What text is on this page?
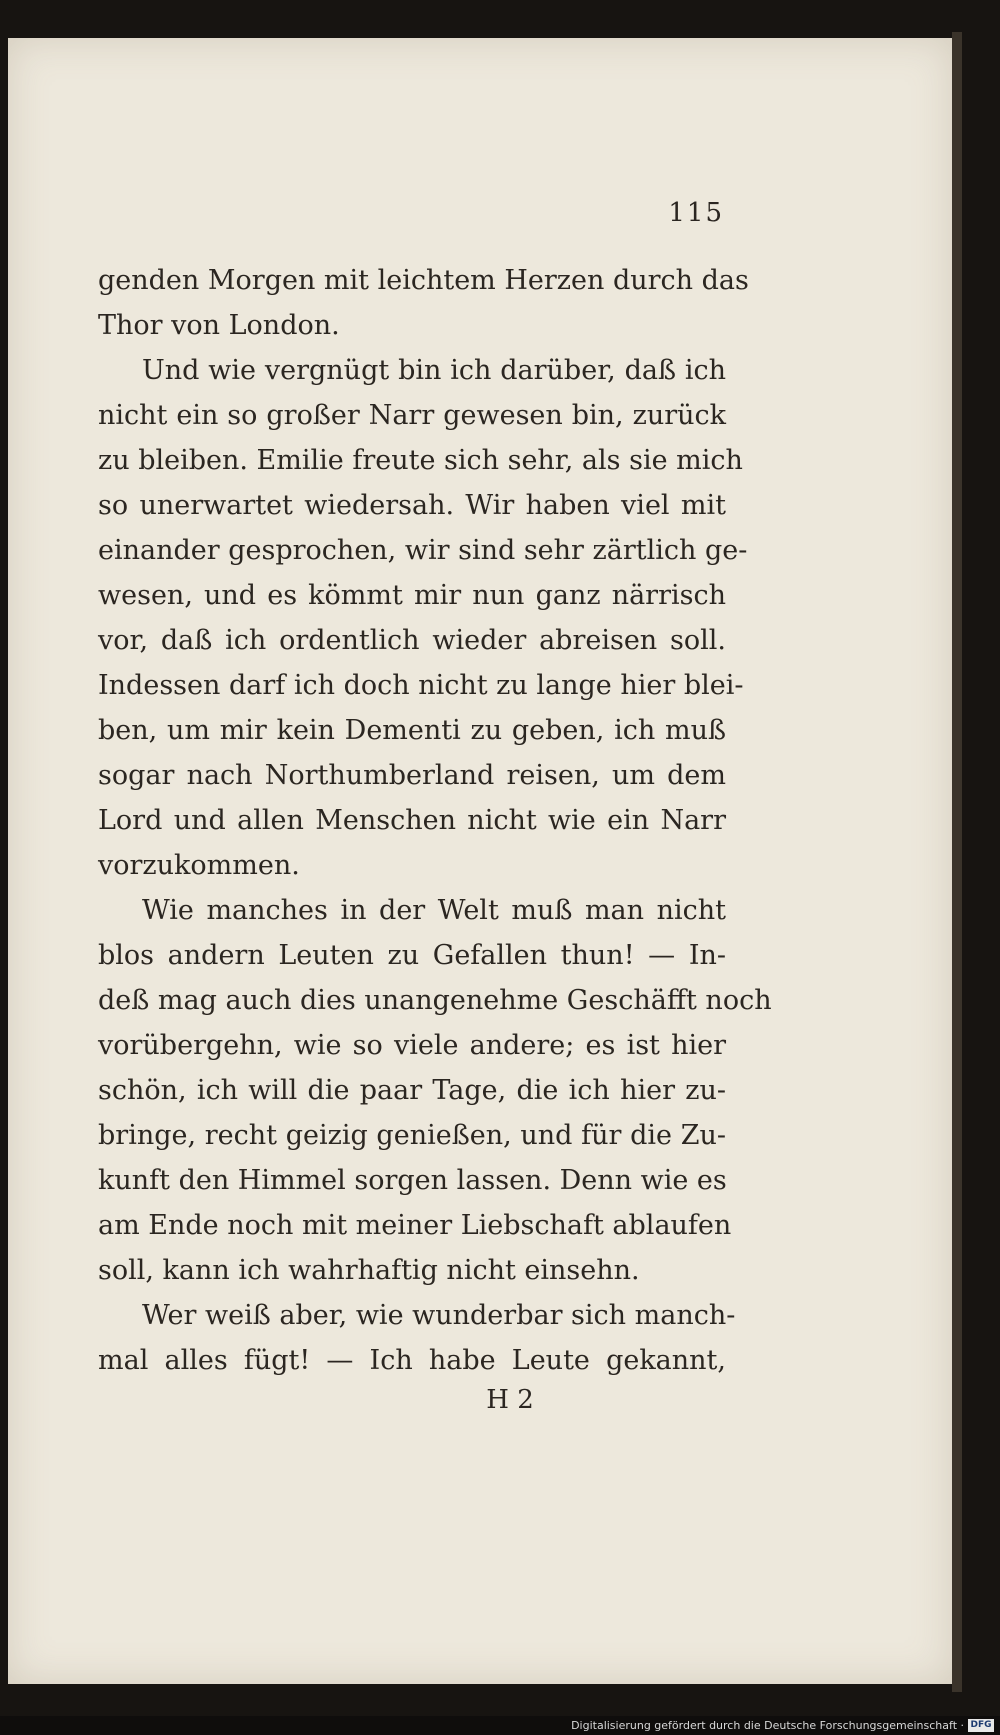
115

genden Morgen mit leichtem Herzen durch das
Thor von London.

Und wie vergnügt bin ich darüber, daß ich
nicht ein so großer Narr gewesen bin, zurück
zu bleiben. Emilie freute sich sehr, als sie mich
so unerwartet wiedersah. Wir haben viel mit
einander gesprochen, wir sind sehr zärtlich ge-
wesen, und es kömmt mir nun ganz närrisch
vor, daß ich ordentlich wieder abreisen soll.
Indessen darf ich doch nicht zu lange hier blei-
ben, um mir kein Dementi zu geben, ich muß
sogar nach Northumberland reisen, um dem
Lord und allen Menschen nicht wie ein Narr
vorzukommen.

Wie manches in der Welt muß man nicht
blos andern Leuten zu Gefallen thun! — In-
deß mag auch dies unangenehme Geschäfft noch
vorübergehn, wie so viele andere; es ist hier
schön, ich will die paar Tage, die ich hier zu-
bringe, recht geizig genießen, und für die Zu-
kunft den Himmel sorgen lassen. Denn wie es
am Ende noch mit meiner Liebschaft ablaufen
soll, kann ich wahrhaftig nicht einsehn.

Wer weiß aber, wie wunderbar sich manch-
mal alles fügt! — Ich habe Leute gekannt,

H 2
Digitalisierung gefördert durch die Deutsche Forschungsgemeinschaft · DFG
